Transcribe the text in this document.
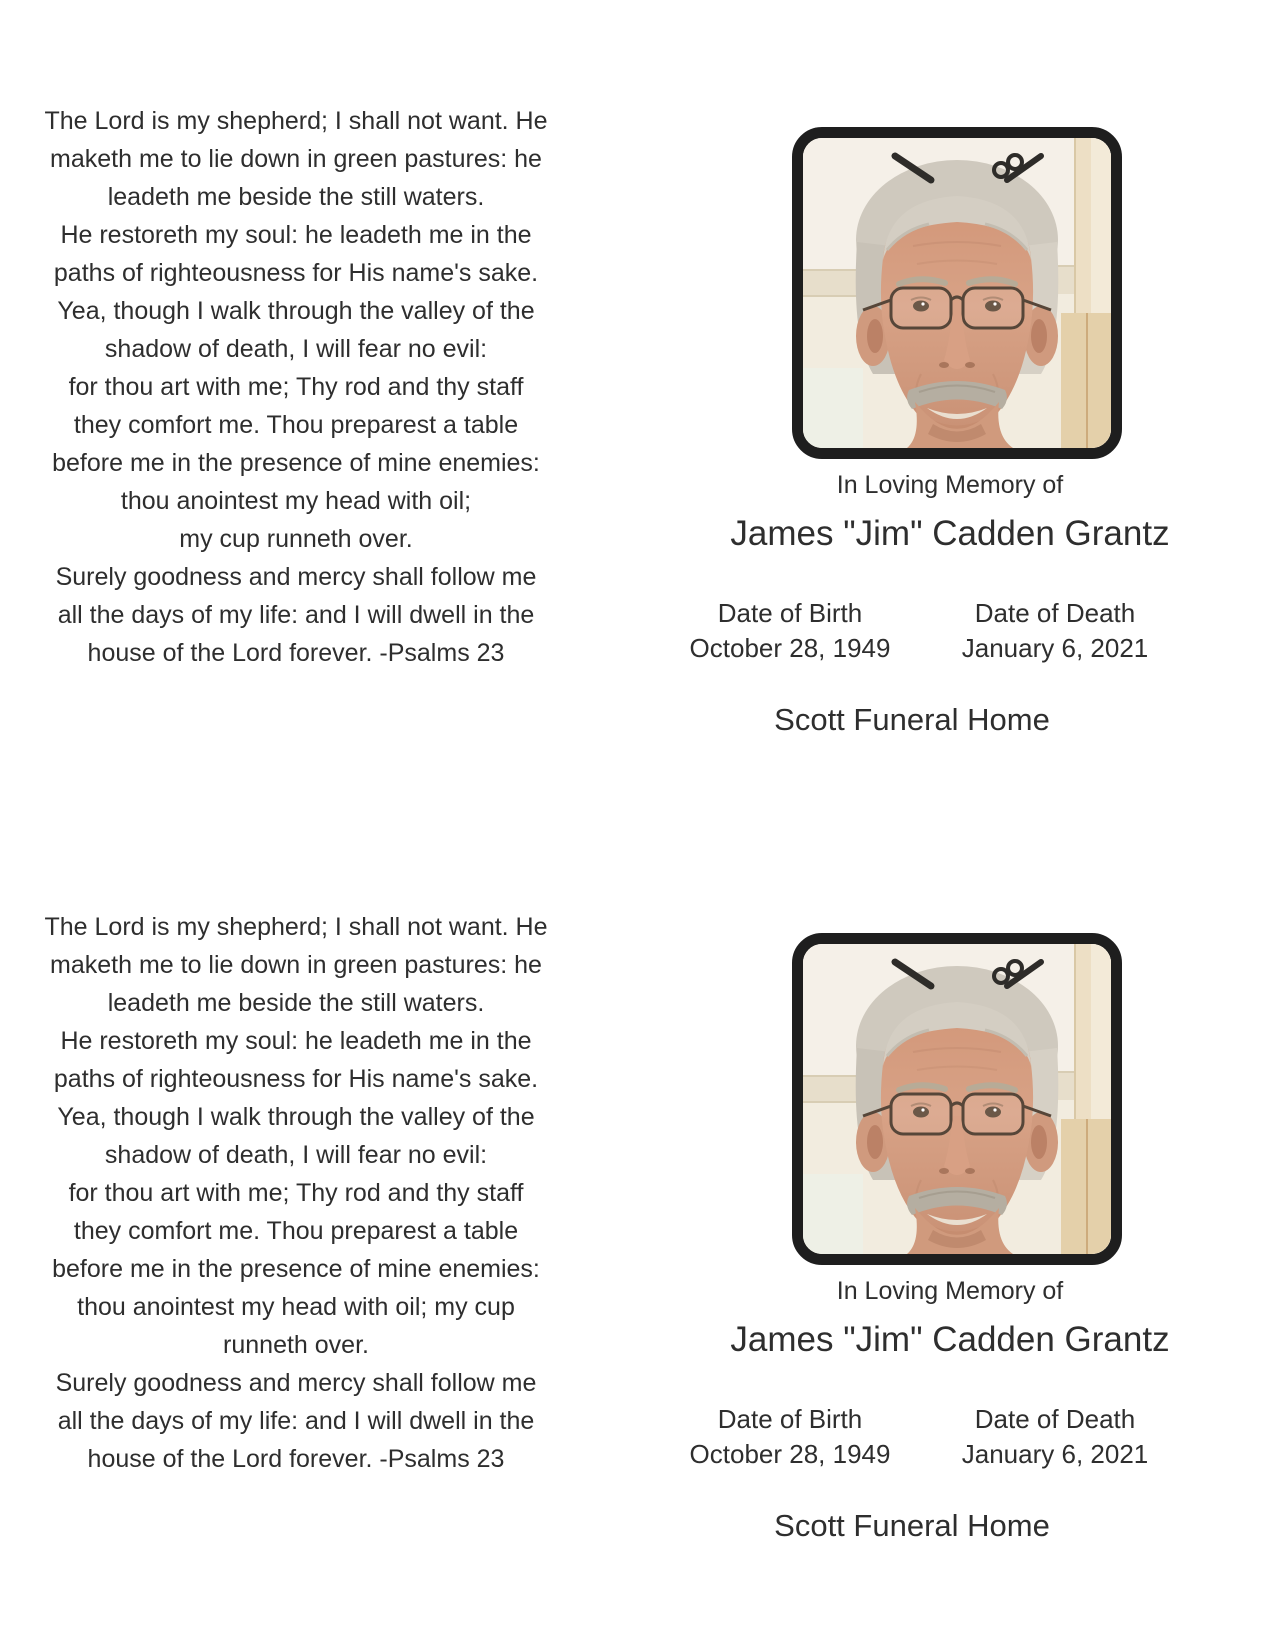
The Lord is my shepherd; I shall not want. He
maketh me to lie down in green pastures: he
leadeth me beside the still waters.
He restoreth my soul: he leadeth me in the
paths of righteousness for His name's sake.
Yea, though I walk through the valley of the
shadow of death, I will fear no evil:
for thou art with me; Thy rod and thy staff
they comfort me. Thou preparest a table
before me in the presence of mine enemies:
thou anointest my head with oil;
my cup runneth over.
Surely goodness and mercy shall follow me
all the days of my life: and I will dwell in the
house of the Lord forever. -Psalms 23
In Loving Memory of
James "Jim" Cadden Grantz
Date of Birth
October 28, 1949
Date of Death
January 6, 2021
Scott Funeral Home
The Lord is my shepherd; I shall not want. He
maketh me to lie down in green pastures: he
leadeth me beside the still waters.
He restoreth my soul: he leadeth me in the
paths of righteousness for His name's sake.
Yea, though I walk through the valley of the
shadow of death, I will fear no evil:
for thou art with me; Thy rod and thy staff
they comfort me. Thou preparest a table
before me in the presence of mine enemies:
thou anointest my head with oil; my cup
runneth over.
Surely goodness and mercy shall follow me
all the days of my life: and I will dwell in the
house of the Lord forever. -Psalms 23
In Loving Memory of
James "Jim" Cadden Grantz
Date of Birth
October 28, 1949
Date of Death
January 6, 2021
Scott Funeral Home
